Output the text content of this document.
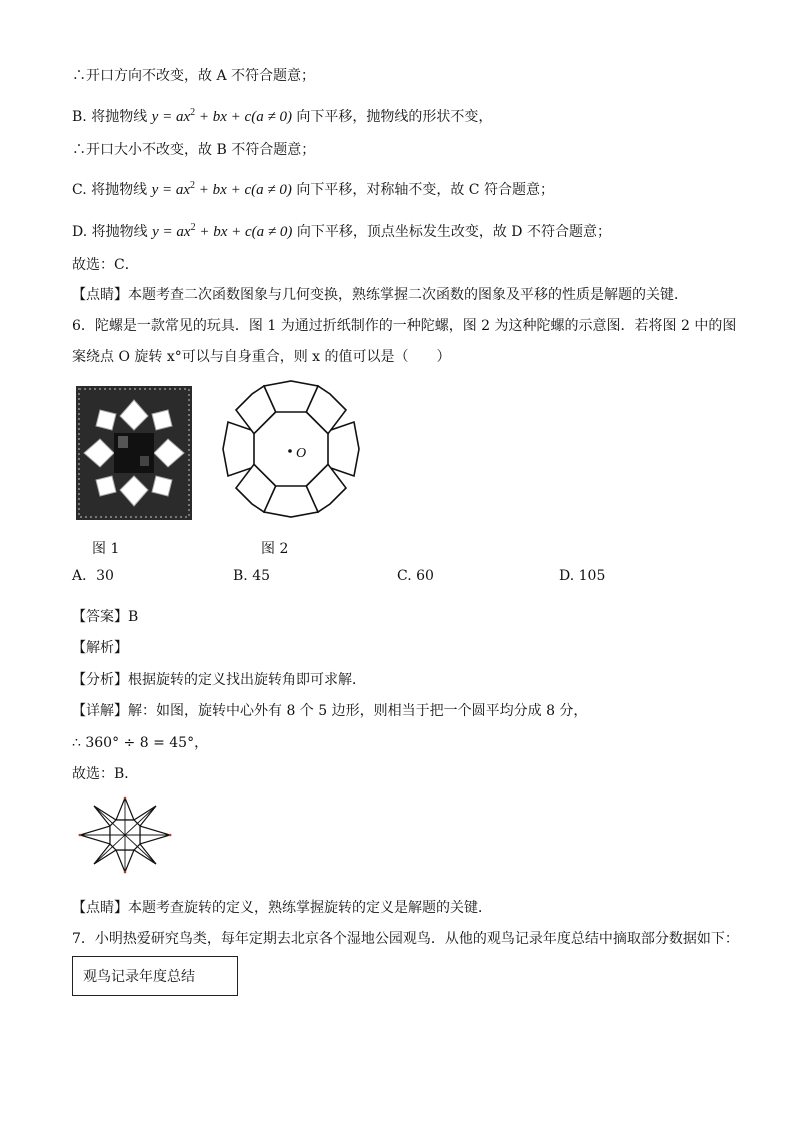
∴开口方向不改变，故 A 不符合题意；
B. 将抛物线 $y = ax^2$ + bx + c(a ≠ 0) 向下平移，抛物线的形状不变，
∴开口大小不改变，故 B 不符合题意；
C. 将抛物线 $y = ax^2$ + bx + c(a ≠ 0) 向下平移，对称轴不变，故 C 符合题意；
D. 将抛物线 $y = ax^2$ + bx + c(a ≠ 0) 向下平移，顶点坐标发生改变，故 D 不符合题意；
故选：C．
【点睛】本题考查二次函数图象与几何变换，熟练掌握二次函数的图象及平移的性质是解题的关键．
6．陀螺是一款常见的玩具．图 1 为通过折纸制作的一种陀螺，图 2 为这种陀螺的示意图．若将图 2 中的图
案绕点 O 旋转 x°可以与自身重合，则 x 的值可以是（　　）
图 1
O
图 2
A．30	B. 45	C. 60	D. 105
【答案】B
【解析】
【分析】根据旋转的定义找出旋转角即可求解．
【详解】解：如图，旋转中心外有 8 个 5 边形，则相当于把一个圆平均分成 8 分，
∴ 360° ÷ 8 = 45°，
故选：B．
【点睛】本题考查旋转的定义，熟练掌握旋转的定义是解题的关键．
7．小明热爱研究鸟类，每年定期去北京各个湿地公园观鸟．从他的观鸟记录年度总结中摘取部分数据如下：
观鸟记录年度总结
